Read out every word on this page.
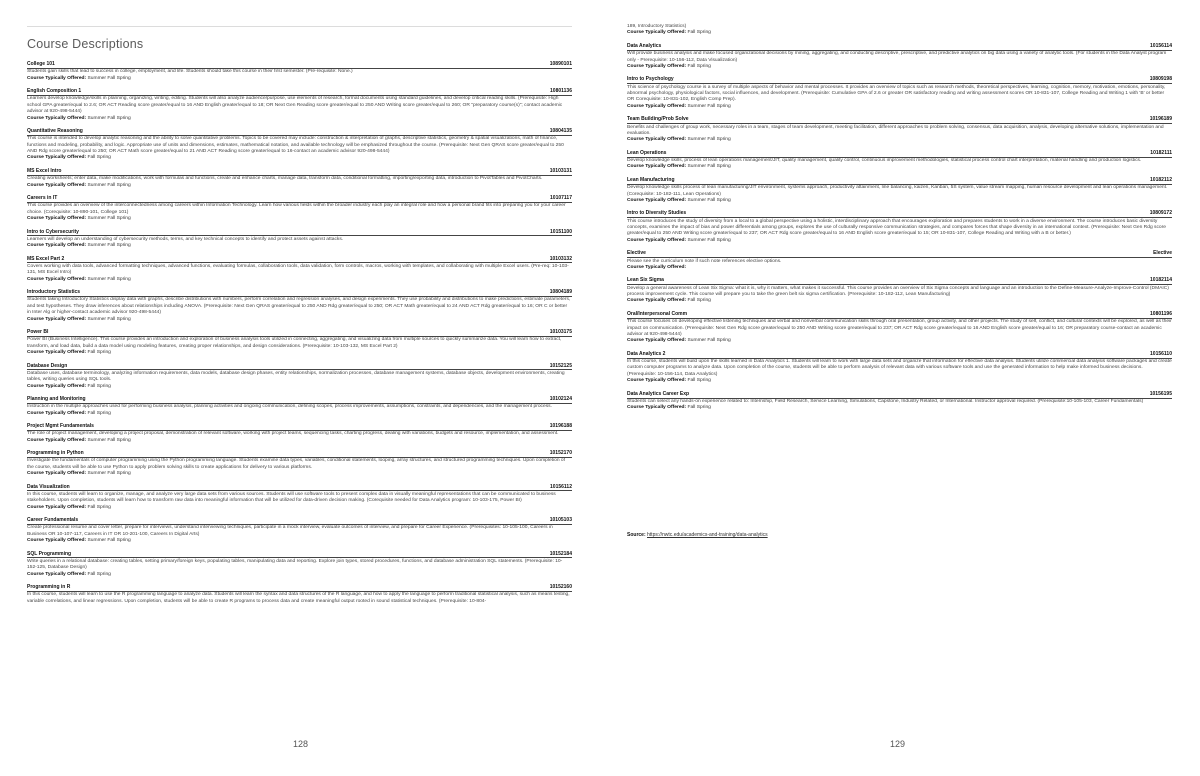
Course Descriptions
College 101	10890101
Students gain skills that lead to success in college, employment, and life. Students should take this course in their first semester. (Pre-requisite: None.)
Course Typically Offered: Summer Fall Spring
English Composition 1	10801136
Learners develop knowledge/skills in planning, organizing, writing, editing. Students will also analyze audience/purpose, use elements of research, format documents using standard guidelines, and develop critical reading skills. (Prerequisite: High school GPA greater/equal to 2.6; OR ACT Reading score greater/equal to 16 AND English greater/equal to 18; OR Next Gen Reading score greater/equal to 250 AND Writing score greater/equal to 260; OR "preparatory course(s)"; contact academic advisor at 920-498-5444)
Course Typically Offered: Summer Fall Spring
Quantitative Reasoning	10804135
This course is intended to develop analytic reasoning and the ability to solve quantitative problems. Topics to be covered may include: construction & interpretation of graphs, descriptive statistics, geometry & spatial visualizations, math of finance, functions and modeling, probability, and logic. Appropriate use of units and dimensions, estimates, mathematical notation, and available technology will be emphasized throughout the course. (Prerequisite: Next Gen QRAS score greater/equal to 250 AND Rdg score greater/equal to 250; OR ACT Math score greater/equal to 21 AND ACT Reading score greater/equal to 16-contact an academic advisor 920-498-5444)
Course Typically Offered: Fall Spring
MS Excel Intro	10103131
Creating worksheets; enter data, make modifications, work with formulas and functions, create and enhance charts, manage data, transform data, conditional formatting, importing/exporting data, introduction to PivotTables and PivotCharts.
Course Typically Offered: Summer Fall Spring
Careers in IT	10107117
This course provides an overview of the interconnectedness among careers within Information Technology. Learn how various fields within the broader industry each play an integral role and how a personal brand fits into preparing you for your career choice. (Corequisite: 10-890-101, College 101)
Course Typically Offered: Summer Fall Spring
Intro to Cybersecurity	10151100
Learners will develop an understanding of cybersecurity methods, terms, and key technical concepts to identify and protect assets against attacks.
Course Typically Offered: Summer Fall Spring
MS Excel Part 2	10103132
Covers working with data tools, advanced formatting techniques, advanced functions, evaluating formulas, collaboration tools, data validation, form controls, macros, working with templates, and collaborating with multiple Excel users. (Pre-req: 10-103-131, MS Excel Intro)
Course Typically Offered: Summer Fall Spring
Introductory Statistics	10804189
Students taking Introductory Statistics display data with graphs, describe distributions with numbers, perform correlation and regression analyses, and design experiments. They use probability and distributions to make predictions, estimate parameters, and test hypotheses. They draw inferences about relationships including ANOVA. (Prerequisite: Next Gen QRAS greater/equal to 250 AND Rdg greater/equal to 250; OR ACT Math greater/equal to 24 AND ACT Rdg greater/equal to 16; OR C or better in Inter Alg or higher-contact academic advisor 920-498-5444)
Course Typically Offered: Summer Fall Spring
Power BI	10103175
Power BI (Business Intelligence). This course provides an introduction and exploration of business analysis tools utilized in connecting, aggregating, and visualizing data from multiple sources to quickly summarize data. You will learn how to extract, transform, and load data, build a data model using modeling features, creating proper relationships, and design considerations. (Prerequisite: 10-103-132, MS Excel Part 2)
Course Typically Offered: Fall Spring
Database Design	10152125
Database uses, database terminology, analyzing information requirements, data models, database design phases, entity relationships, normalization processes, database management systems, database objects, development environments, creating tables, writing queries using SQL tools.
Course Typically Offered: Fall Spring
Planning and Monitoring	10102124
Instruction in the multiple approaches used for performing business analysis, planning activities and ongoing communication, defining scopes, process improvements, assumptions, constraints, and dependencies, and the management process.
Course Typically Offered: Fall Spring
Project Mgmt Fundamentals	10196188
The role of project management, developing a project proposal, demonstration of relevant software, working with project teams, sequencing tasks, charting progress, dealing with variations, budgets and resource, implementation, and assessment.
Course Typically Offered: Summer Fall Spring
Programming in Python	10152170
Investigate the fundamentals of computer programming using the Python programming language. Students examine data types, variables, conditional statements, looping, array structures, and structured programming techniques. Upon completion of the course, students will be able to use Python to apply problem solving skills to create applications for delivery to various platforms.
Course Typically Offered: Summer Fall Spring
Data Visualization	10156112
In this course, students will learn to organize, manage, and analyze very large data sets from various sources. Students will use software tools to present complex data in visually meaningful representations that can be communicated to business stakeholders. Upon completion, students will learn how to transform raw data into meaningful information that will be utilized for data-driven decision making. (Corequisite needed for Data Analytics program: 10-103-175, Power BI)
Course Typically Offered: Fall Spring
Career Fundamentals	10105103
Create professional resume and cover letter, prepare for interviews, understand interviewing techniques, participate in a mock interview, evaluate outcomes of interview, and prepare for Career Experience. (Prerequisites: 10-105-100, Careers in Business OR 10-107-117, Careers in IT OR 10-201-100, Careers In Digital Arts)
Course Typically Offered: Summer Fall Spring
SQL Programming	10152184
Write queries in a relational database: creating tables, setting primary/foreign keys, populating tables, manipulating data and reporting. Explore join types, stored procedures, functions, and database administration SQL statements. (Prerequisite: 10-152-125, Database Design)
Course Typically Offered: Fall Spring
Programming in R	10152160
In this course, students will learn to use the R programming language to analyze data. Students will learn the syntax and data structures of the R language, and how to apply the language to perform traditional statistical analysis, such as means testing, variable correlations, and linear regressions. Upon completion, students will be able to create R programs to process data and create meaningful output rooted in sound statistical techniques. (Prerequisite: 10-804-
189, Introductory Statistics)
Course Typically Offered: Fall Spring
Data Analytics	10156114
Will provide business analysis and make focused organizational decisions by mining, aggregating, and conducting descriptive, prescriptive, and predictive analytics on big data using a variety of analytic tools. (For students in the Data Analyst program only - Prerequisite: 10-156-112, Data Visualization)
Course Typically Offered: Fall Spring
Intro to Psychology	10809198
This science of psychology course is a survey of multiple aspects of behavior and mental processes. It provides an overview of topics such as research methods, theoretical perspectives, learning, cognition, memory, motivation, emotions, personality, abnormal psychology, physiological factors, social influences, and development. (Prerequisite: Cumulative GPA of 2.6 or greater OR satisfactory reading and writing assessment scores OR 10-831-107, College Reading and Writing 1 with 'B' or better OR Corequisite: 10-831-102, English Comp Prep).
Course Typically Offered: Summer Fall Spring
Team Building/Prob Solve	10196189
Benefits and challenges of group work, necessary roles in a team, stages of team development, meeting facilitation, different approaches to problem solving, consensus, data acquisition, analysis, developing alternative solutions, implementation and evaluation.
Course Typically Offered: Summer Fall Spring
Lean Operations	10182111
Develop knowledge skills, process of lean operations management/JIT, quality management, quality control, continuous improvement methodologies, statistical process control chart interpretation, material handling and production logistics.
Course Typically Offered: Summer Fall Spring
Lean Manufacturing	10182112
Develop knowledge skills process of lean manufacturing/JIT environment, systems approach, productivity attainment, line balancing, kaizen, Kanban, 5S system, value stream mapping, human resource development and lean operations management. (Corequisite: 10-182-111, Lean Operations)
Course Typically Offered: Summer Fall Spring
Intro to Diversity Studies	10809172
This course introduces the study of diversity from a local to a global perspective using a holistic, interdisciplinary approach that encourages exploration and prepares students to work in a diverse environment. The course introduces basic diversity concepts, examines the impact of bias and power differentials among groups, explores the use of culturally responsive communication strategies, and compares forces that shape diversity in an international context. (Prerequisite: Next Gen Rdg score greater/equal to 250 AND Writing score greater/equal to 237; OR ACT Rdg score greater/equal to 16 AND English score greater/equal to 15; OR 10-831-107, College Reading and Writing with a B or better.)
Course Typically Offered: Summer Fall Spring
Elective	Elective
Please see the curriculum note if such note references elective options.
Course Typically Offered:
Lean Six Sigma	10182114
Develop a general awareness of Lean Six Sigma: what it is, why it matters, what makes it successful. This course provides an overview of Six Sigma concepts and language and an introduction to the Define-Measure-Analyze-Improve-Control (DMAIC) process improvement cycle. This course will prepare you to take the green belt six sigma certification. (Prerequisite: 10-182-112, Lean Manufacturing)
Course Typically Offered: Fall Spring
Oral/Interpersonal Comm	10801196
This course focuses on developing effective listening techniques and verbal and nonverbal communication skills through oral presentation, group activity, and other projects. The study of self, conflict, and cultural contexts will be explored, as well as their impact on communication. (Prerequisite: Next Gen Rdg score greater/equal to 250 AND Writing score greater/equal to 237; OR ACT Rdg score greater/equal to 16 AND English score greater/equal to 16; OR preparatory course-contact an academic advisor at 920-498-5444)
Course Typically Offered: Summer Fall Spring
Data Analytics 2	10156110
In this course, students will build upon the skills learned in Data Analytics 1. Students will learn to work with large data sets and organize that information for effective data analysis. Students utilize commercial data analysis software packages and create custom computer programs to analyze data. Upon completion of the course, students will be able to perform analysis of relevant data with various software tools and use the generated information to help make informed business decisions. (Prerequisite: 10-156-114, Data Analytics)
Course Typically Offered: Fall Spring
Data Analytics Career Exp	10156195
Students can select any hands-on experience related to: Internship, Field Research, Service Learning, Simulations, Capstone, Industry Related, or International. Instructor approval required. (Prerequisite:10-105-103, Career Fundamentals)
Course Typically Offered: Fall Spring
Source: https://nwtc.edu/academics-and-training/data-analytics
128	129
